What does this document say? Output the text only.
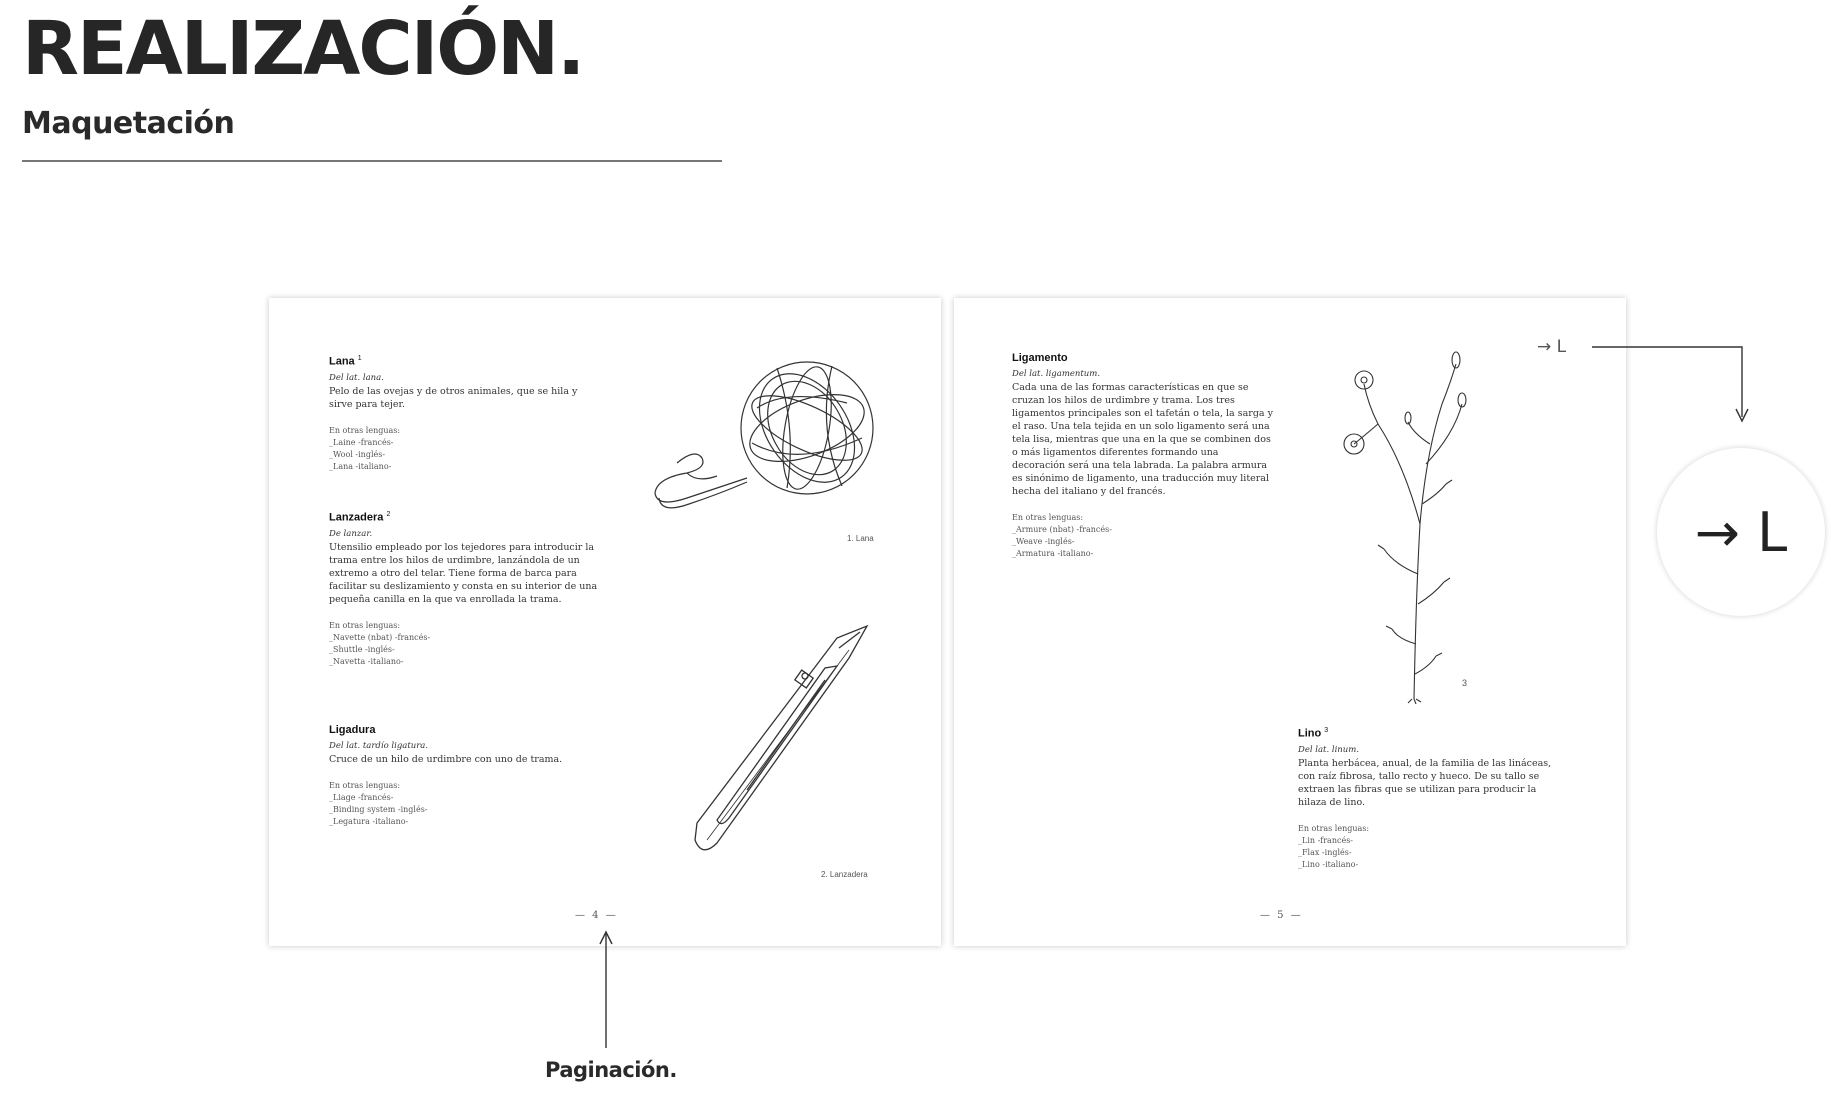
REALIZACIÓN.
Maquetación
Lana $^1$
Del lat. lana.
Pelo de las ovejas y de otros animales, que se hila y sirve para tejer.
En otras lenguas:
_Laine -francés-
_Wool -inglés-
_Lana -italiano-
Lanzadera $^2$
De lanzar.
Utensilio empleado por los tejedores para introducir la trama entre los hilos de urdimbre, lanzándola de un extremo a otro del telar. Tiene forma de barca para facilitar su deslizamiento y consta en su interior de una pequeña canilla en la que va enrollada la trama.
En otras lenguas:
_Navette (nbat) -francés-
_Shuttle -inglés-
_Navetta -italiano-
Ligadura
Del lat. tardío ligatura.
Cruce de un hilo de urdimbre con uno de trama.
En otras lenguas:
_Liage -francés-
_Binding system -inglés-
_Legatura -italiano-
1. Lana
2. Lanzadera
— 4 —
Ligamento
Del lat. ligamentum.
Cada una de las formas características en que se cruzan los hilos de urdimbre y trama. Los tres ligamentos principales son el tafetán o tela, la sarga y el raso. Una tela tejida en un solo ligamento será una tela lisa, mientras que una en la que se combinen dos o más ligamentos diferentes formando una decoración será una tela labrada. La palabra armura es sinónimo de ligamento, una traducción muy literal hecha del italiano y del francés.
En otras lenguas:
_Armure (nbat) -francés-
_Weave -inglés-
_Armatura -italiano-
Lino $^3$
Del lat. linum.
Planta herbácea, anual, de la familia de las lináceas, con raíz fibrosa, tallo recto y hueco. De su tallo se extraen las fibras que se utilizan para producir la hilaza de lino.
En otras lenguas:
_Lin -francés-
_Flax -inglés-
_Lino -italiano-
3
— 5 —
→ L
→ L
Paginación.
